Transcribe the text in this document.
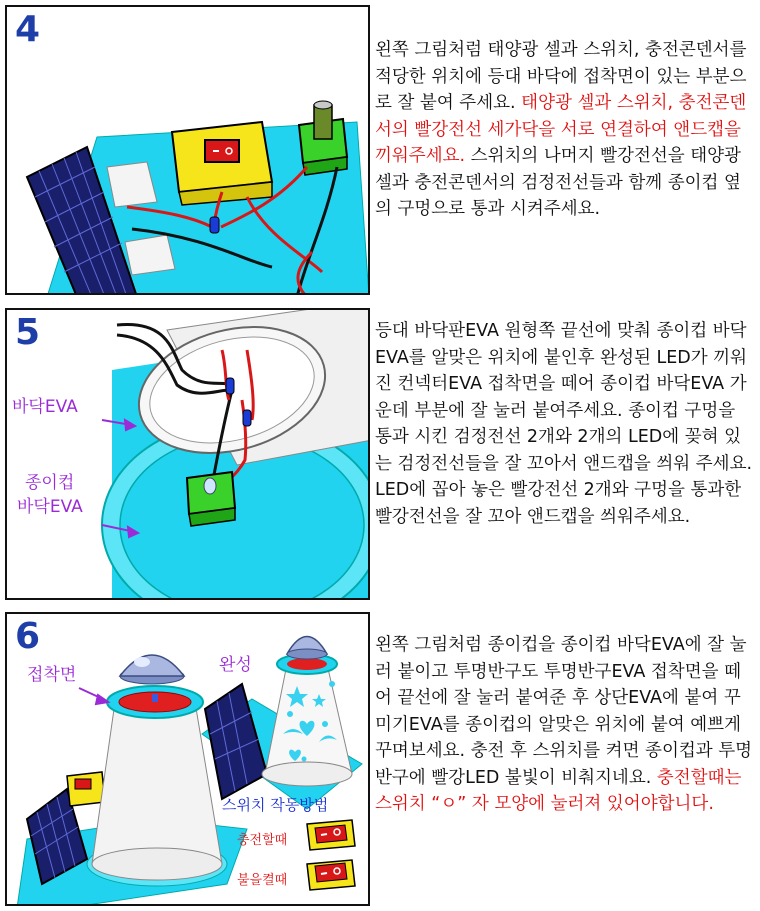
4	왼쪽 그림처럼 태양광 셀과 스위치, 충전콘덴서를 적당한 위치에 등대 바닥에 접착면이 있는 부분으로 잘 붙여 주세요. 태양광 셀과 스위치, 충전콘덴서의 빨강전선 세가닥을 서로 연결하여 앤드캡을 끼워주세요. 스위치의 나머지 빨강전선을 태양광셀과 충전콘덴서의 검정전선들과 함께 종이컵 옆의 구멍으로 통과 시켜주세요.

5
바닥EVA
종이컵
바닥EVA

등대 바닥판EVA 원형쪽 끝선에 맞춰 종이컵 바닥EVA를 알맞은 위치에 붙인후 완성된 LED가 끼워진 컨넥터EVA 접착면을 떼어 종이컵 바닥EVA 가운데 부분에 잘 눌러 붙여주세요. 종이컵 구멍을 통과 시킨 검정전선 2개와 2개의 LED에 꽂혀 있는 검정전선들을 잘 꼬아서 앤드캡을 씌워 주세요. LED에 꼽아 놓은 빨강전선 2개와 구멍을 통과한 빨강전선을 잘 꼬아 앤드캡을 씌워주세요.

6
접착면	완성
스위치 작동방법
충전할때
불을켤때

왼쪽 그림처럼 종이컵을 종이컵 바닥EVA에 잘 눌러 붙이고 투명반구도 투명반구EVA 접착면을 떼어 끝선에 잘 눌러 붙여준 후 상단EVA에 붙여 꾸미기EVA를 종이컵의 알맞은 위치에 붙여 예쁘게 꾸며보세요. 충전 후 스위치를 켜면 종이컵과 투명반구에 빨강LED 불빛이 비춰지네요. 충전할때는 스위치 “ㅇ” 자 모양에 눌러져 있어야합니다.
